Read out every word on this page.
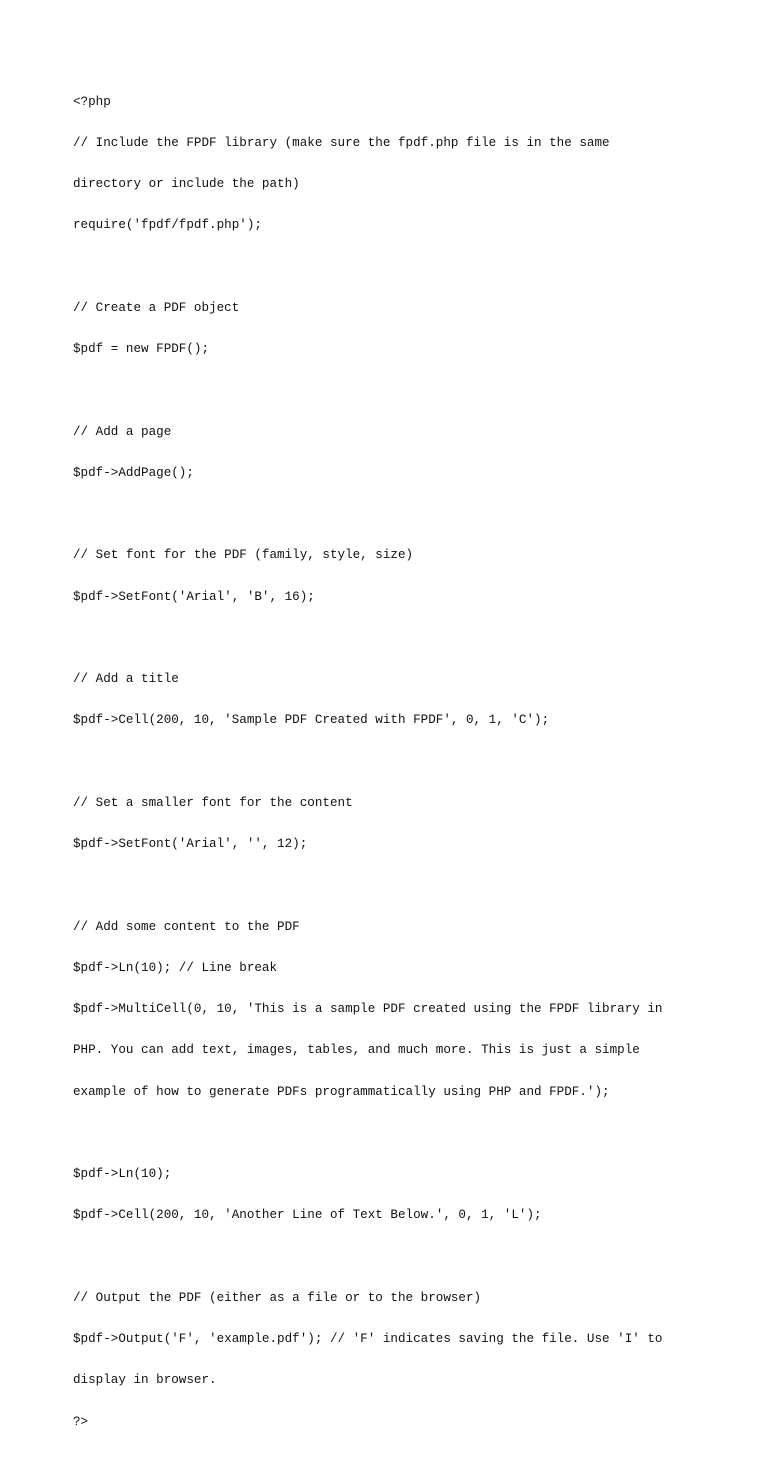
<?php

// Include the FPDF library (make sure the fpdf.php file is in the same

directory or include the path)

require('fpdf/fpdf.php');

// Create a PDF object

$pdf = new FPDF();

// Add a page

$pdf->AddPage();

// Set font for the PDF (family, style, size)

$pdf->SetFont('Arial', 'B', 16);

// Add a title

$pdf->Cell(200, 10, 'Sample PDF Created with FPDF', 0, 1, 'C');

// Set a smaller font for the content

$pdf->SetFont('Arial', '', 12);

// Add some content to the PDF

$pdf->Ln(10); // Line break

$pdf->MultiCell(0, 10, 'This is a sample PDF created using the FPDF library in

PHP. You can add text, images, tables, and much more. This is just a simple

example of how to generate PDFs programmatically using PHP and FPDF.');

$pdf->Ln(10);

$pdf->Cell(200, 10, 'Another Line of Text Below.', 0, 1, 'L');

// Output the PDF (either as a file or to the browser)

$pdf->Output('F', 'example.pdf'); // 'F' indicates saving the file. Use 'I' to

display in browser.

?>
